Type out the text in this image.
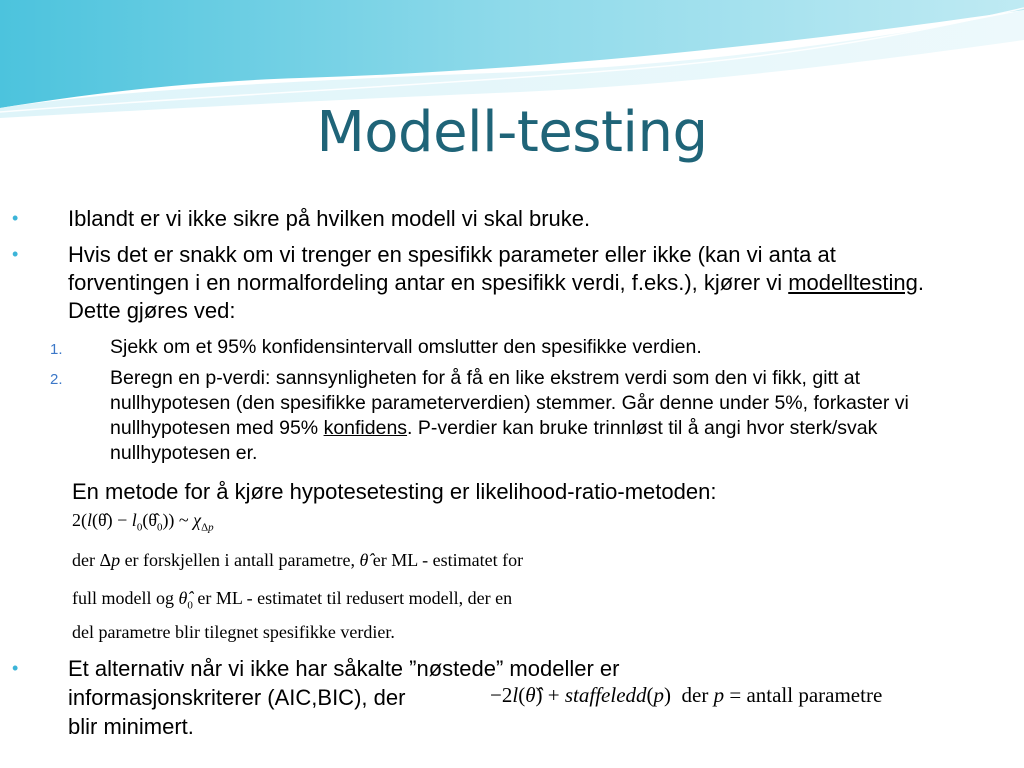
Modell-testing
• Iblandt er vi ikke sikre på hvilken modell vi skal bruke.
• Hvis det er snakk om vi trenger en spesifikk parameter eller ikke (kan vi anta at forventingen i en normalfordeling antar en spesifikk verdi, f.eks.), kjører vi modelltesting. Dette gjøres ved:
1. Sjekk om et 95% konfidensintervall omslutter den spesifikke verdien.
2. Beregn en p-verdi: sannsynligheten for å få en like ekstrem verdi som den vi fikk, gitt at nullhypotesen (den spesifikke parameterverdien) stemmer. Går denne under 5%, forkaster vi nullhypotesen med 95% konfidens. P-verdier kan bruke trinnløst til å angi hvor sterk/svak nullhypotesen er.
En metode for å kjøre hypotesetesting er likelihood-ratio-metoden:
2(l(θ̂) − $l_0(\thetâ_0)$) ~ $\chi_{\Delta p}$
der Δp er forskjellen i antall parametre, θ̂ er ML - estimatet for
full modell og $\thetâ_0$ er ML - estimatet til redusert modell, der en
del parametre blir tilegnet spesifikke verdier.
• Et alternativ når vi ikke har såkalte ”nøstede” modeller er
informasjonskriterer (AIC,BIC), der	−2l(θ̂) + staffeledd(p)  der p = antall parametre
blir minimert.
